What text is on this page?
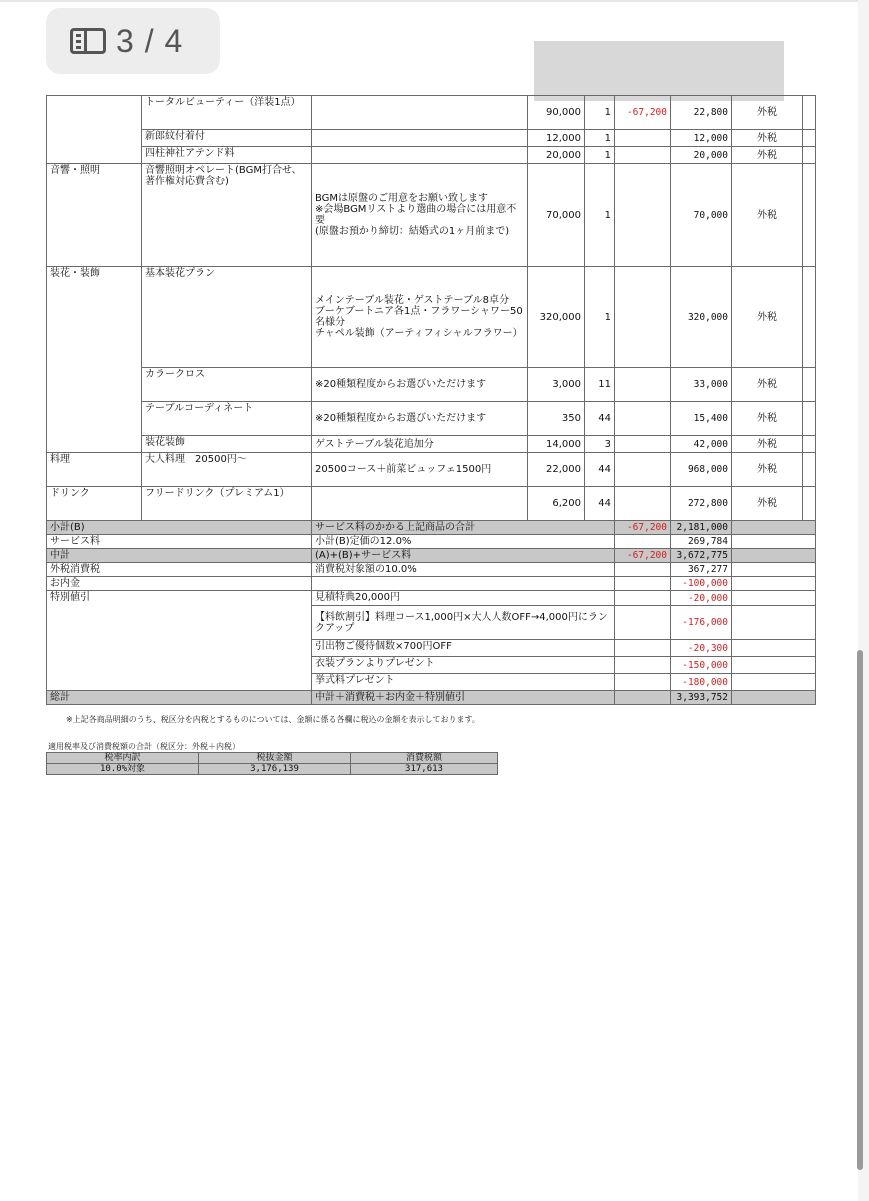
3 / 4
	トータルビューティー（洋装1点）		90,000	1	-67,200	22,800	外税	
	新郎紋付着付		12,000	1		12,000	外税	
	四柱神社アテンド料		20,000	1		20,000	外税	
音響・照明	音響照明オペレート(BGM打合せ、著作権対応費含む)	BGMは原盤のご用意をお願い致します
※会場BGMリストより選曲の場合には用意不要
(原盤お預かり締切：結婚式の1ヶ月前まで)	70,000	1		70,000	外税	
装花・装飾	基本装花プラン	メインテーブル装花・ゲストテーブル8卓分
ブーケブートニア各1点・フラワーシャワー50名様分
チャペル装飾（アーティフィシャルフラワー）	320,000	1		320,000	外税	
	カラークロス	※20種類程度からお選びいただけます	3,000	11		33,000	外税	
	テーブルコーディネート	※20種類程度からお選びいただけます	350	44		15,400	外税	
	装花装飾	ゲストテーブル装花追加分	14,000	3		42,000	外税	
料理	大人料理　20500円～	20500コース＋前菜ビュッフェ1500円	22,000	44		968,000	外税	
ドリンク	フリードリンク（プレミアム1）		6,200	44		272,800	外税	
小計(B)		サービス料のかかる上記商品の合計			-67,200	2,181,000		
サービス料		小計(B)定価の12.0%				269,784		
中計		(A)+(B)+サービス料			-67,200	3,672,775		
外税消費税		消費税対象額の10.0%				367,277		
お内金						-100,000		
特別値引		見積特典20,000円				-20,000		
		【料飲割引】料理コース1,000円×大人人数OFF→4,000円にランクアップ				-176,000		
		引出物ご優待個数×700円OFF				-20,300		
		衣装プランよりプレゼント				-150,000		
		挙式料プレゼント				-180,000		
総計		中計＋消費税＋お内金＋特別値引				3,393,752		
※上記各商品明細のうち、税区分を内税とするものについては、金額に係る各欄に税込の金額を表示しております。
適用税率及び消費税額の合計（税区分：外税＋内税）
税率内訳	税抜金額	消費税額
10.0%対象	3,176,139	317,613
